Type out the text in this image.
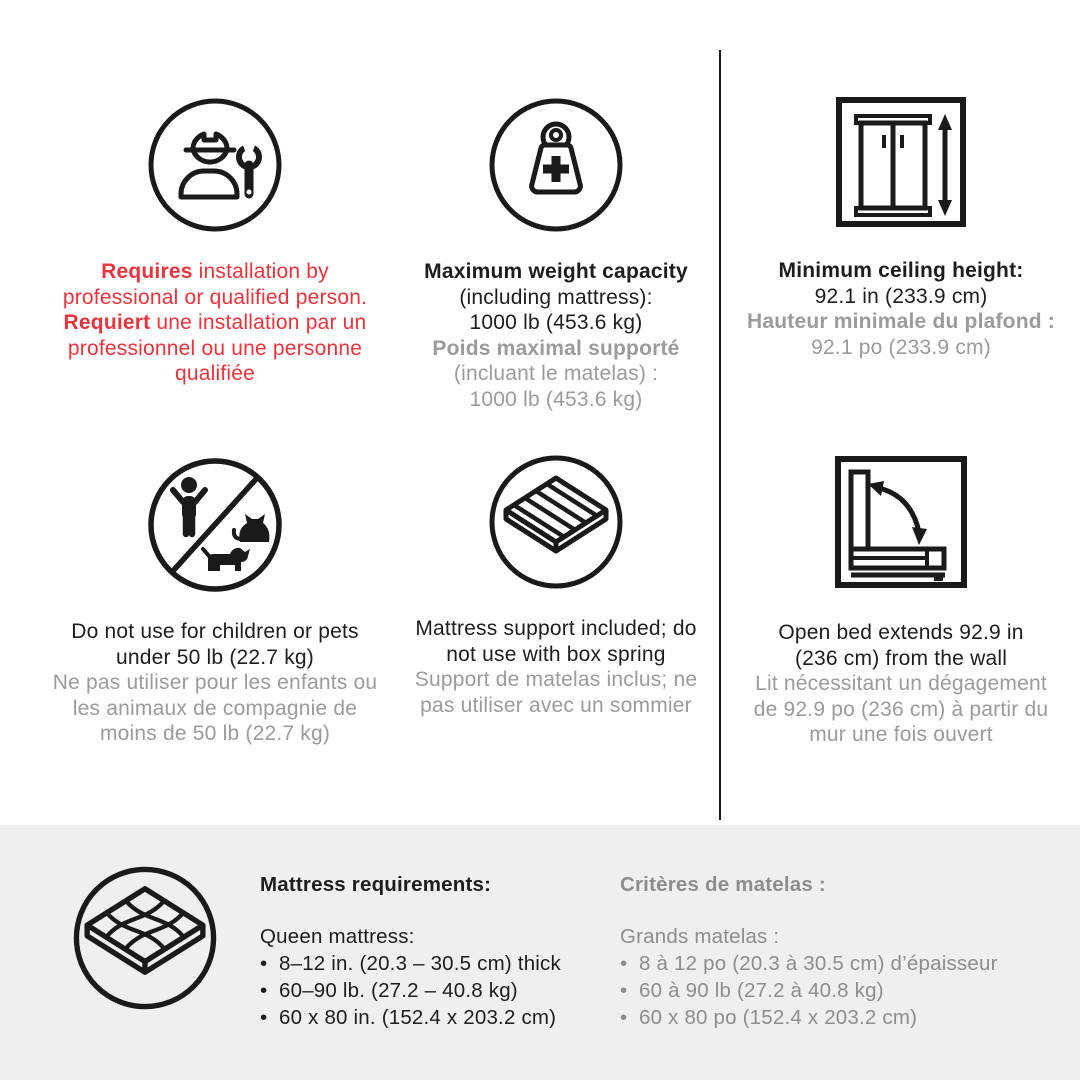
Requires installation by
professional or qualified person.
Requiert une installation par un
professionnel ou une personne
qualifiée
Maximum weight capacity
(including mattress):
1000 lb (453.6 kg)
Poids maximal supporté
(incluant le matelas) :
1000 lb (453.6 kg)
Minimum ceiling height:
92.1 in (233.9 cm)
Hauteur minimale du plafond :
92.1 po (233.9 cm)
Do not use for children or pets under 50 lb (22.7 kg)
Ne pas utiliser pour les enfants ou les animaux de compagnie de moins de 50 lb (22.7 kg)
Mattress support included; do not use with box spring
Support de matelas inclus; ne pas utiliser avec un sommier
Open bed extends 92.9 in (236 cm) from the wall
Lit nécessitant un dégagement de 92.9 po (236 cm) à partir du mur une fois ouvert
Mattress requirements:
Queen mattress:
• 8–12 in. (20.3 – 30.5 cm) thick
• 60–90 lb. (27.2 – 40.8 kg)
• 60 x 80 in. (152.4 x 203.2 cm)
Critères de matelas :
Grands matelas :
• 8 à 12 po (20.3 à 30.5 cm) d’épaisseur
• 60 à 90 lb (27.2 à 40.8 kg)
• 60 x 80 po (152.4 x 203.2 cm)
